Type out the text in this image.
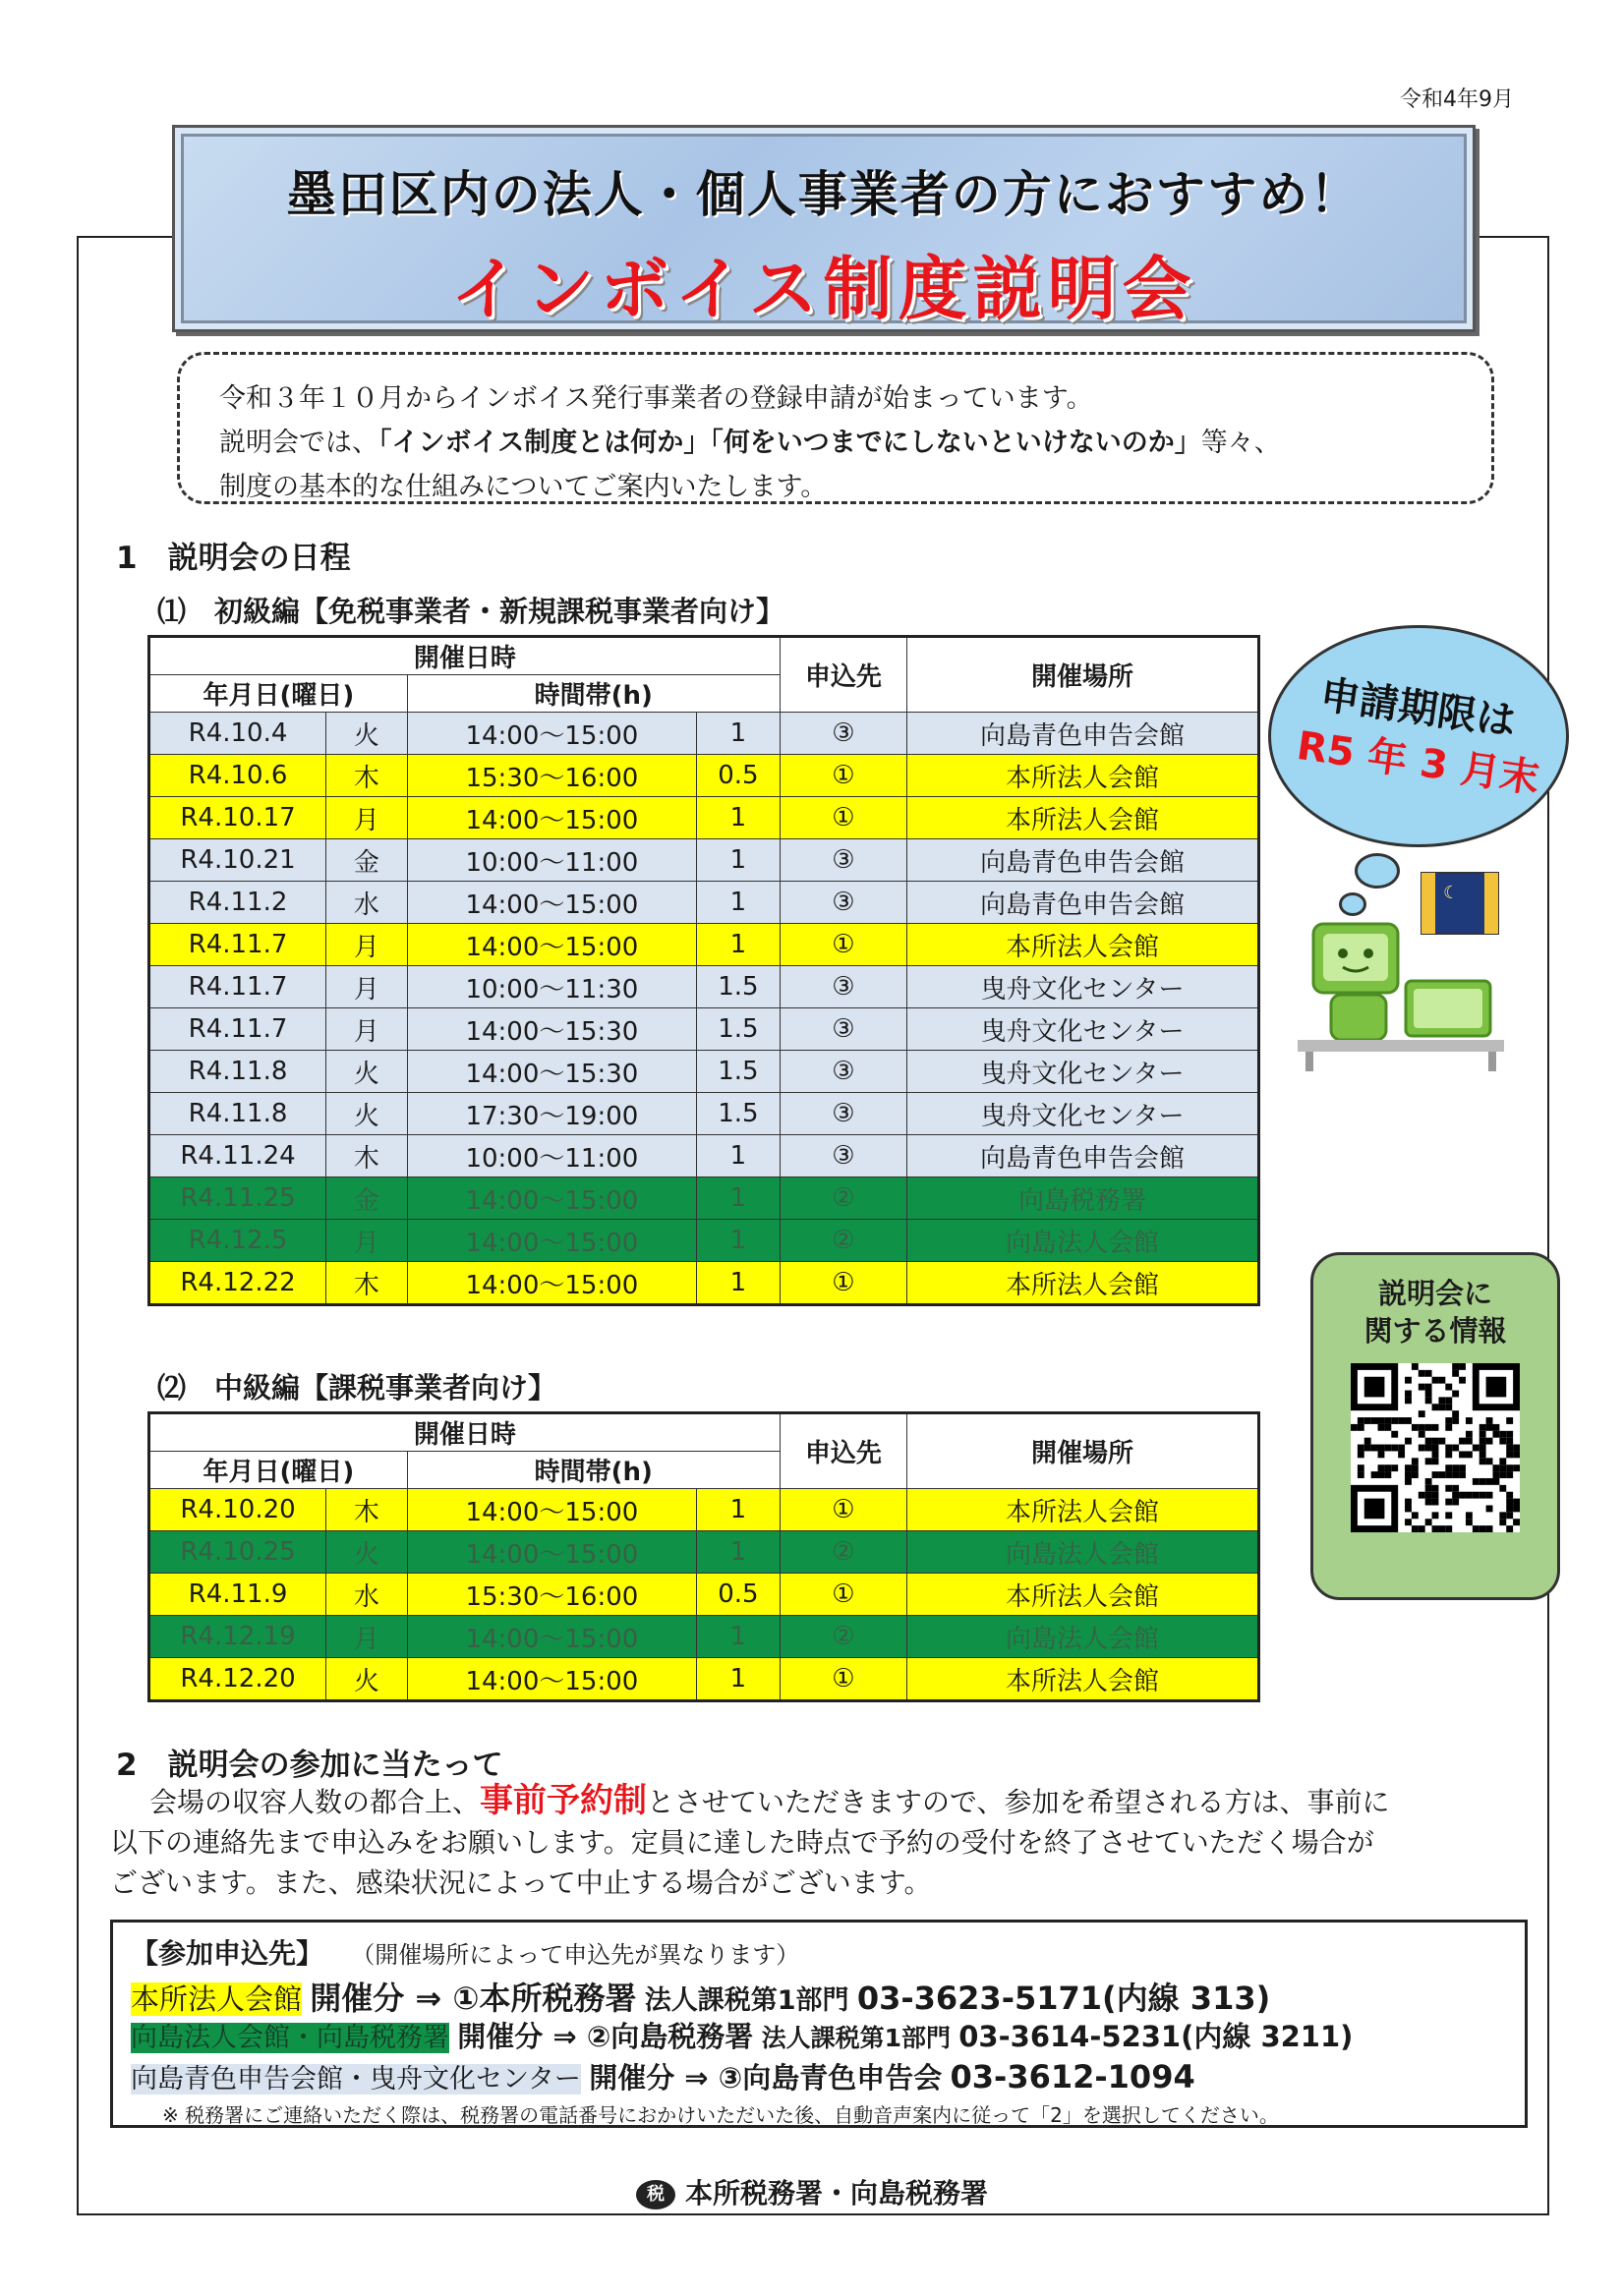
令和4年9月
墨田区内の法人・個人事業者の方におすすめ！
インボイス制度説明会
令和３年１０月からインボイス発行事業者の登録申請が始まっています。
説明会では、「インボイス制度とは何か」「何をいつまでにしないといけないのか」等々、
制度の基本的な仕組みについてご案内いたします。
1　説明会の日程
⑴　初級編【免税事業者・新規課税事業者向け】
開催日時				申込先	開催場所
年月日(曜日)		時間帯(h)			
R4.10.4	火	14:00～15:00	1	③	向島青色申告会館
R4.10.6	木	15:30～16:00	0.5	①	本所法人会館
R4.10.17	月	14:00～15:00	1	①	本所法人会館
R4.10.21	金	10:00～11:00	1	③	向島青色申告会館
R4.11.2	水	14:00～15:00	1	③	向島青色申告会館
R4.11.7	月	14:00～15:00	1	①	本所法人会館
R4.11.7	月	10:00～11:30	1.5	③	曳舟文化センター
R4.11.7	月	14:00～15:30	1.5	③	曳舟文化センター
R4.11.8	火	14:00～15:30	1.5	③	曳舟文化センター
R4.11.8	火	17:30～19:00	1.5	③	曳舟文化センター
R4.11.24	木	10:00～11:00	1	③	向島青色申告会館
R4.11.25	金	14:00～15:00	1	②	向島税務署
R4.12.5	月	14:00～15:00	1	②	向島法人会館
R4.12.22	木	14:00～15:00	1	①	本所法人会館
申請期限は
R5 年 3 月末
☾
説明会に
関する情報
⑵　中級編【課税事業者向け】
開催日時				申込先	開催場所
年月日(曜日)		時間帯(h)			
R4.10.20	木	14:00～15:00	1	①	本所法人会館
R4.10.25	火	14:00～15:00	1	②	向島法人会館
R4.11.9	水	15:30～16:00	0.5	①	本所法人会館
R4.12.19	月	14:00～15:00	1	②	向島法人会館
R4.12.20	火	14:00～15:00	1	①	本所法人会館
2　説明会の参加に当たって
会場の収容人数の都合上、事前予約制とさせていただきますので、参加を希望される方は、事前に
以下の連絡先まで申込みをお願いします。定員に達した時点で予約の受付を終了させていただく場合が
ございます。また、感染状況によって中止する場合がございます。
【参加申込先】 （開催場所によって申込先が異なります）
本所法人会館 開催分 ⇒ ①本所税務署 法人課税第1部門 03-3623-5171(内線 313)
向島法人会館・向島税務署 開催分 ⇒ ②向島税務署 法人課税第1部門 03-3614-5231(内線 3211)
向島青色申告会館・曳舟文化センター 開催分 ⇒ ③向島青色申告会 03-3612-1094
※ 税務署にご連絡いただく際は、税務署の電話番号におかけいただいた後、自動音声案内に従って「2」を選択してください。
税 本所税務署・向島税務署
